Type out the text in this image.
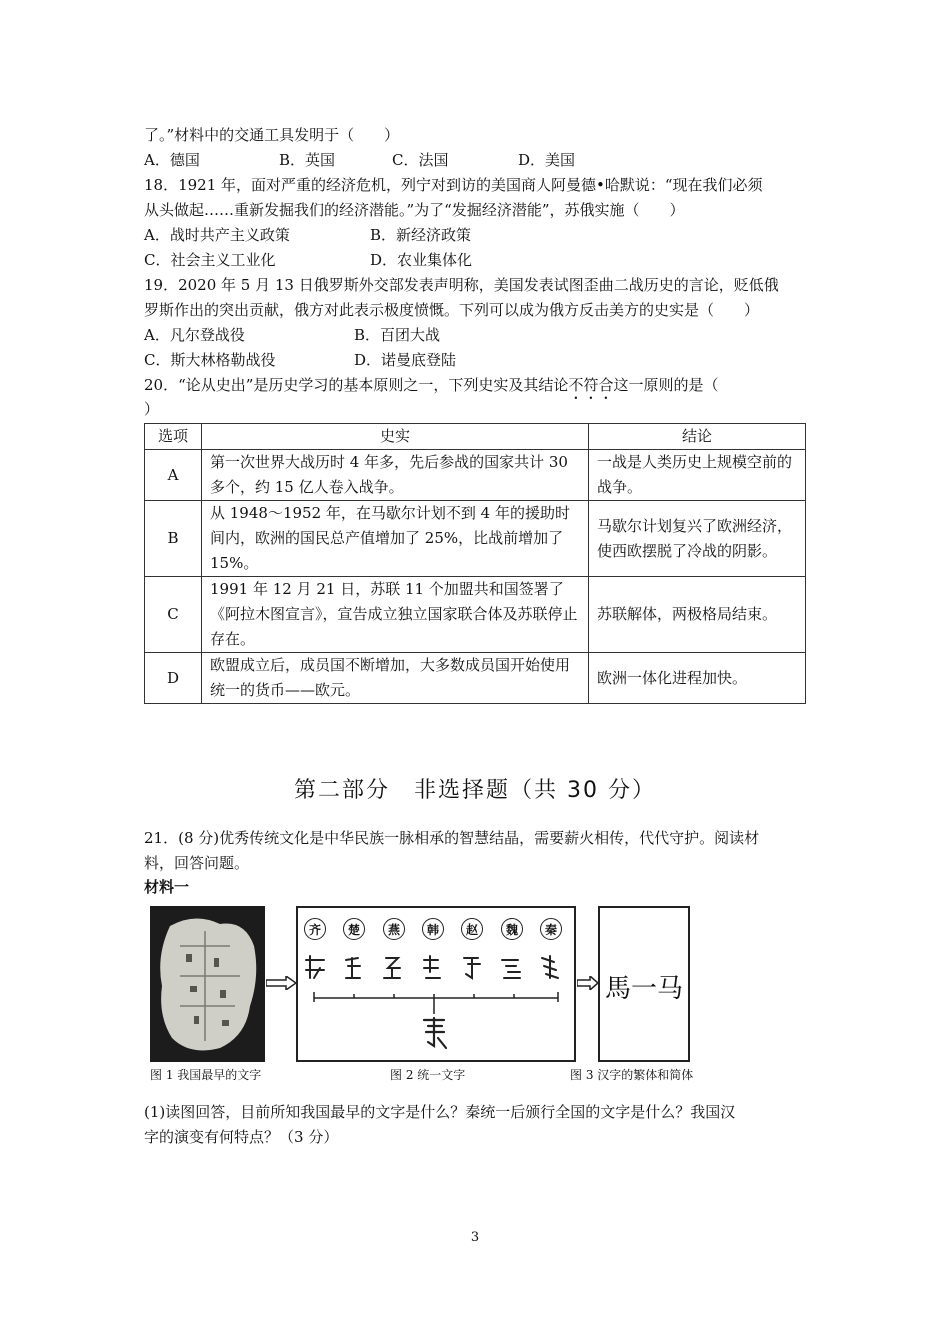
了。”材料中的交通工具发明于（　　）
A．德国	B．英国	C．法国	D．美国
18．1921 年，面对严重的经济危机，列宁对到访的美国商人阿曼德•哈默说：“现在我们必须
从头做起……重新发掘我们的经济潜能。”为了“发掘经济潜能”，苏俄实施（　　）
A．战时共产主义政策	B．新经济政策
C．社会主义工业化	D．农业集体化
19．2020 年 5 月 13 日俄罗斯外交部发表声明称，美国发表试图歪曲二战历史的言论，贬低俄
罗斯作出的突出贡献，俄方对此表示极度愤慨。下列可以成为俄方反击美方的史实是（　　）
A．凡尔登战役	B．百团大战
C．斯大林格勒战役	D．诺曼底登陆
20．“论从史出”是历史学习的基本原则之一，下列史实及其结论不符合这一原则的是（
）
选项	史实	结论
A	第一次世界大战历时 4 年多，先后参战的国家共计 30 多个，约 15 亿人卷入战争。	一战是人类历史上规模空前的战争。
B	从 1948～1952 年，在马歇尔计划不到 4 年的援助时间内，欧洲的国民总产值增加了 25%，比战前增加了 15%。	马歇尔计划复兴了欧洲经济，使西欧摆脱了冷战的阴影。
C	1991 年 12 月 21 日，苏联 11 个加盟共和国签署了《阿拉木图宣言》，宣告成立独立国家联合体及苏联停止存在。	苏联解体，两极格局结束。
D	欧盟成立后，成员国不断增加，大多数成员国开始使用统一的货币——欧元。	欧洲一体化进程加快。
第二部分　非选择题（共 30 分）
21．(8 分)优秀传统文化是中华民族一脉相承的智慧结晶，需要薪火相传，代代守护。阅读材
料，回答问题。
材料一
齐	楚	燕	韩	赵	魏	秦
馬一马
图 1 我国最早的文字	图 2 统一文字	图 3 汉字的繁体和简体
(1)读图回答，目前所知我国最早的文字是什么？秦统一后颁行全国的文字是什么？我国汉
字的演变有何特点？（3 分）
3
